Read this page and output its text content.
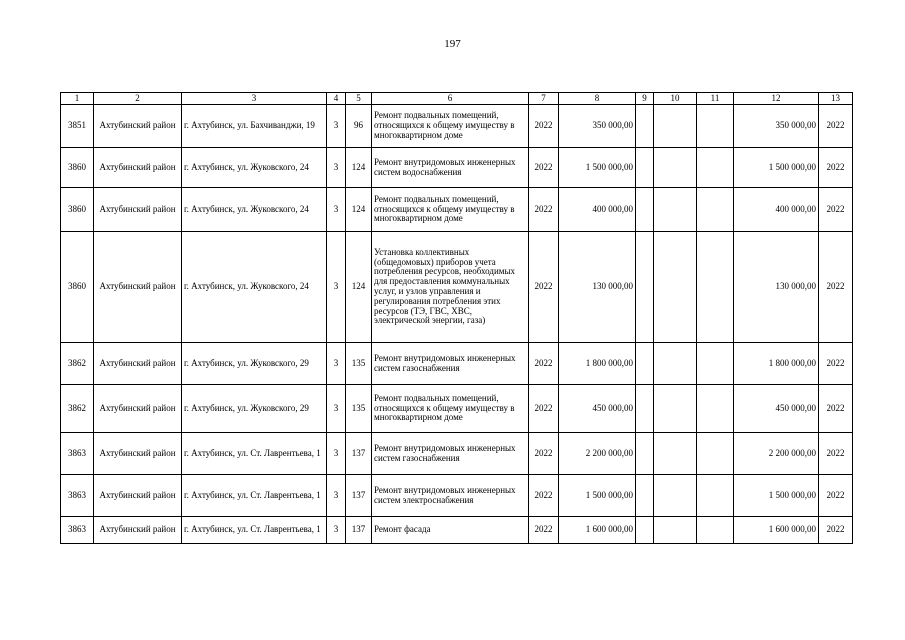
197
1	2	3	4	5	6	7	8	9	10	11	12	13
3851	Ахтубинский район	г. Ахтубинск, ул. Бахчиванджи, 19	3	96	Ремонт подвальных помещений, относящихся к общему имуществу в многоквартирном доме	2022	350 000,00				350 000,00	2022
3860	Ахтубинский район	г. Ахтубинск, ул. Жуковского, 24	3	124	Ремонт внутридомовых инженерных систем водоснабжения	2022	1 500 000,00				1 500 000,00	2022
3860	Ахтубинский район	г. Ахтубинск, ул. Жуковского, 24	3	124	Ремонт подвальных помещений, относящихся к общему имуществу в многоквартирном доме	2022	400 000,00				400 000,00	2022
3860	Ахтубинский район	г. Ахтубинск, ул. Жуковского, 24	3	124	Установка коллективных (общедомовых) приборов учета потребления ресурсов, необходимых для предоставления коммунальных услуг, и узлов управления и регулирования потребления этих ресурсов (ТЭ, ГВС, ХВС, электрической энергии, газа)	2022	130 000,00				130 000,00	2022
3862	Ахтубинский район	г. Ахтубинск, ул. Жуковского, 29	3	135	Ремонт внутридомовых инженерных систем газоснабжения	2022	1 800 000,00				1 800 000,00	2022
3862	Ахтубинский район	г. Ахтубинск, ул. Жуковского, 29	3	135	Ремонт подвальных помещений, относящихся к общему имуществу в многоквартирном доме	2022	450 000,00				450 000,00	2022
3863	Ахтубинский район	г. Ахтубинск, ул. Ст. Лаврентьева, 1	3	137	Ремонт внутридомовых инженерных систем газоснабжения	2022	2 200 000,00				2 200 000,00	2022
3863	Ахтубинский район	г. Ахтубинск, ул. Ст. Лаврентьева, 1	3	137	Ремонт внутридомовых инженерных систем электроснабжения	2022	1 500 000,00				1 500 000,00	2022
3863	Ахтубинский район	г. Ахтубинск, ул. Ст. Лаврентьева, 1	3	137	Ремонт фасада	2022	1 600 000,00				1 600 000,00	2022
